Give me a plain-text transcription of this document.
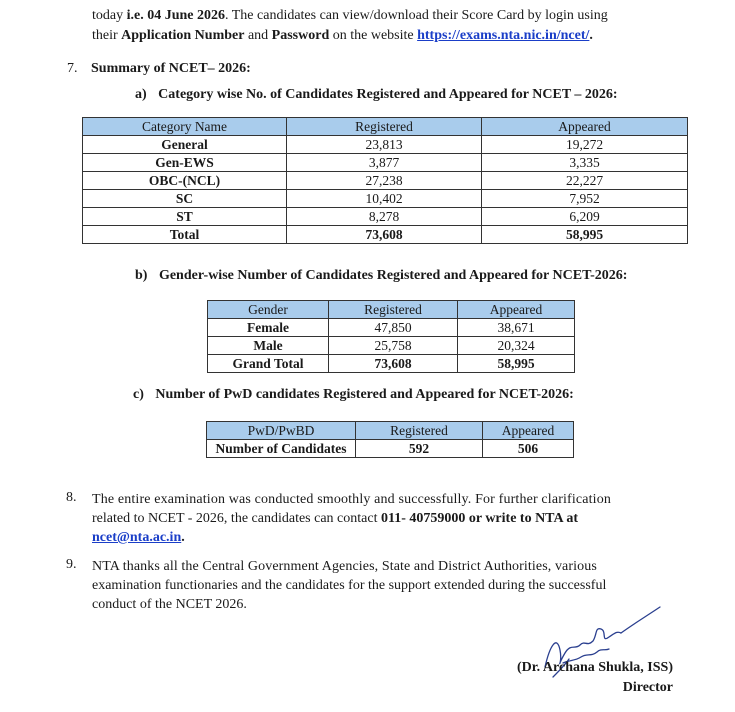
today i.e. 04 June 2026. The candidates can view/download their Score Card by login using
their Application Number and Password on the website https://exams.nta.nic.in/ncet/.
7. Summary of NCET– 2026:
a) Category wise No. of Candidates Registered and Appeared for NCET – 2026:
Category Name	Registered	Appeared
General	23,813	19,272
Gen-EWS	3,877	3,335
OBC-(NCL)	27,238	22,227
SC	10,402	7,952
ST	8,278	6,209
Total	73,608	58,995
b) Gender-wise Number of Candidates Registered and Appeared for NCET-2026:
Gender	Registered	Appeared
Female	47,850	38,671
Male	25,758	20,324
Grand Total	73,608	58,995
c) Number of PwD candidates Registered and Appeared for NCET-2026:
PwD/PwBD	Registered	Appeared
Number of Candidates	592	506
8. The entire examination was conducted smoothly and successfully. For further clarification
related to NCET - 2026, the candidates can contact 011- 40759000 or write to NTA at
ncet@nta.ac.in.
9. NTA thanks all the Central Government Agencies, State and District Authorities, various
examination functionaries and the candidates for the support extended during the successful
conduct of the NCET 2026.
(Dr. Archana Shukla, ISS)
Director
